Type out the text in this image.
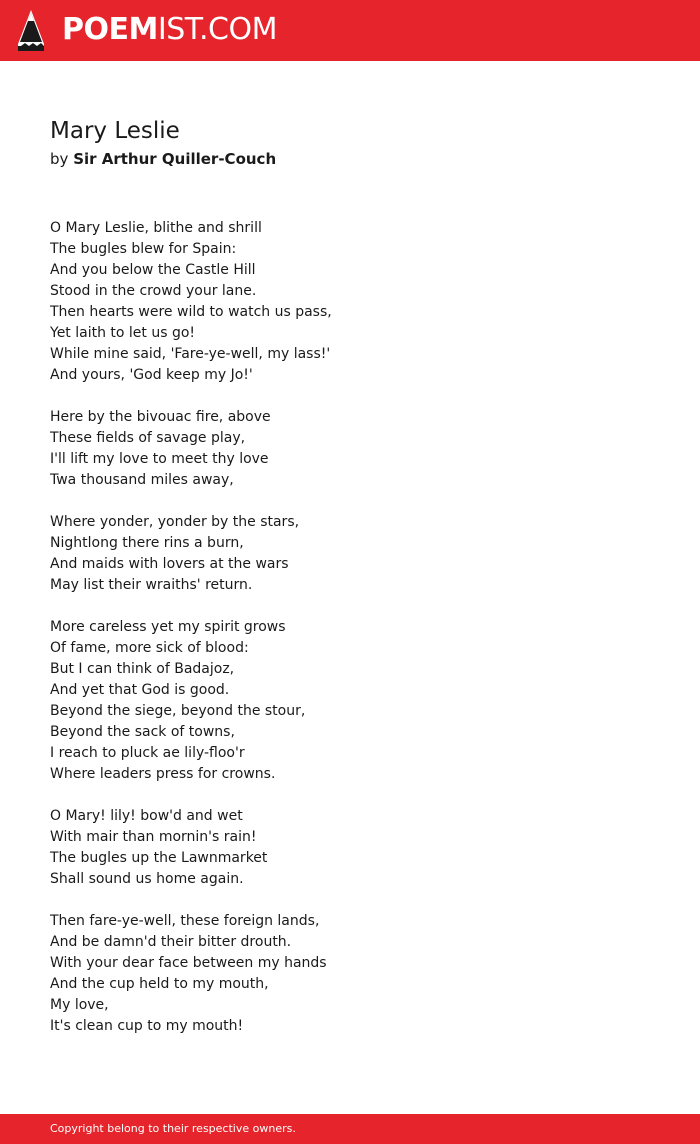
POEMIST.COM
Mary Leslie
by Sir Arthur Quiller-Couch
O Mary Leslie, blithe and shrill
The bugles blew for Spain:
And you below the Castle Hill
Stood in the crowd your lane.
Then hearts were wild to watch us pass,
Yet laith to let us go!
While mine said, 'Fare-ye-well, my lass!'
And yours, 'God keep my Jo!'
Here by the bivouac fire, above
These fields of savage play,
I'll lift my love to meet thy love
Twa thousand miles away,
Where yonder, yonder by the stars,
Nightlong there rins a burn,
And maids with lovers at the wars
May list their wraiths' return.
More careless yet my spirit grows
Of fame, more sick of blood:
But I can think of Badajoz,
And yet that God is good.
Beyond the siege, beyond the stour,
Beyond the sack of towns,
I reach to pluck ae lily-floo'r
Where leaders press for crowns.
O Mary! lily! bow'd and wet
With mair than mornin's rain!
The bugles up the Lawnmarket
Shall sound us home again.
Then fare-ye-well, these foreign lands,
And be damn'd their bitter drouth.
With your dear face between my hands
And the cup held to my mouth,
My love,
It's clean cup to my mouth!
Copyright belong to their respective owners.
